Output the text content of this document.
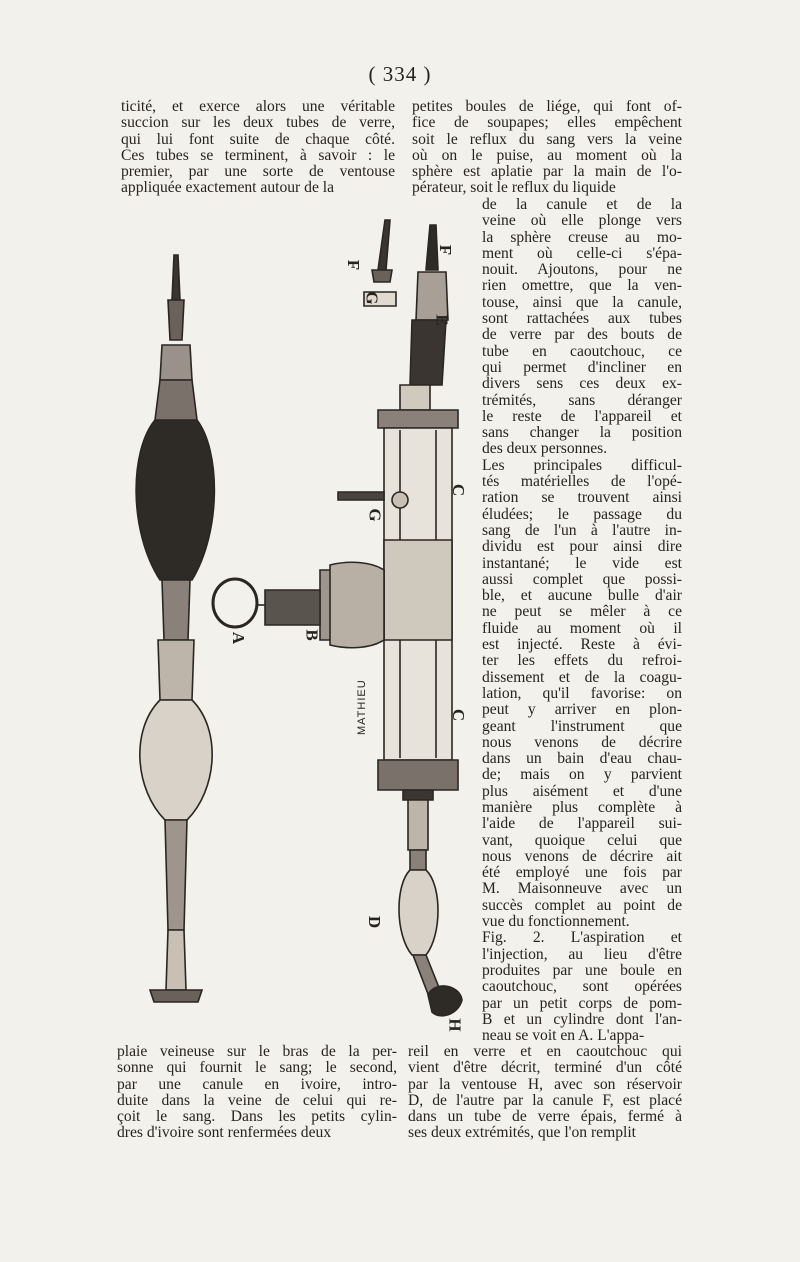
( 334 )
ticité, et exerce alors une véritable
succion sur les deux tubes de verre,
qui lui font suite de chaque côté.
Ces tubes se terminent, à savoir : le
premier, par une sorte de ventouse
appliquée exactement autour de la
petites boules de liége, qui font of-
fice de soupapes; elles empêchent
soit le reflux du sang vers la veine
où on le puise, au moment où la
sphère est aplatie par la main de l'o-
pérateur, soit le reflux du liquide
de la canule et de la
veine où elle plonge vers
la sphère creuse au mo-
ment où celle-ci s'épa-
nouit. Ajoutons, pour ne
rien omettre, que la ven-
touse, ainsi que la canule,
sont rattachées aux tubes
de verre par des bouts de
tube en caoutchouc, ce
qui permet d'incliner en
divers sens ces deux ex-
trémités, sans déranger
le reste de l'appareil et
sans changer la position
des deux personnes.
Les principales difficul-
tés matérielles de l'opé-
ration se trouvent ainsi
éludées; le passage du
sang de l'un à l'autre in-
dividu est pour ainsi dire
instantané; le vide est
aussi complet que possi-
ble, et aucune bulle d'air
ne peut se mêler à ce
fluide au moment où il
est injecté. Reste à évi-
ter les effets du refroi-
dissement et de la coagu-
lation, qu'il favorise: on
peut y arriver en plon-
geant l'instrument que
nous venons de décrire
dans un bain d'eau chau-
de; mais on y parvient
plus aisément et d'une
manière plus complète à
l'aide de l'appareil sui-
vant, quoique celui que
nous venons de décrire ait
été employé une fois par
M. Maisonneuve avec un
succès complet au point de
vue du fonctionnement.
Fig. 2. L'aspiration et
l'injection, au lieu d'être
produites par une boule en
caoutchouc, sont opérées
par un petit corps de pom-
B et un cylindre dont l'an-
neau se voit en A. L'appa-
plaie veineuse sur le bras de la per-
sonne qui fournit le sang; le second,
par une canule en ivoire, intro-
duite dans la veine de celui qui re-
çoit le sang. Dans les petits cylin-
dres d'ivoire sont renfermées deux
reil en verre et en caoutchouc qui
vient d'être décrit, terminé d'un côté
par la ventouse H, avec son réservoir
D, de l'autre par la canule F, est placé
dans un tube de verre épais, fermé à
ses deux extrémités, que l'on remplit
F
G
F
E
C
G
A	B
C
D
H
MATHIEU
